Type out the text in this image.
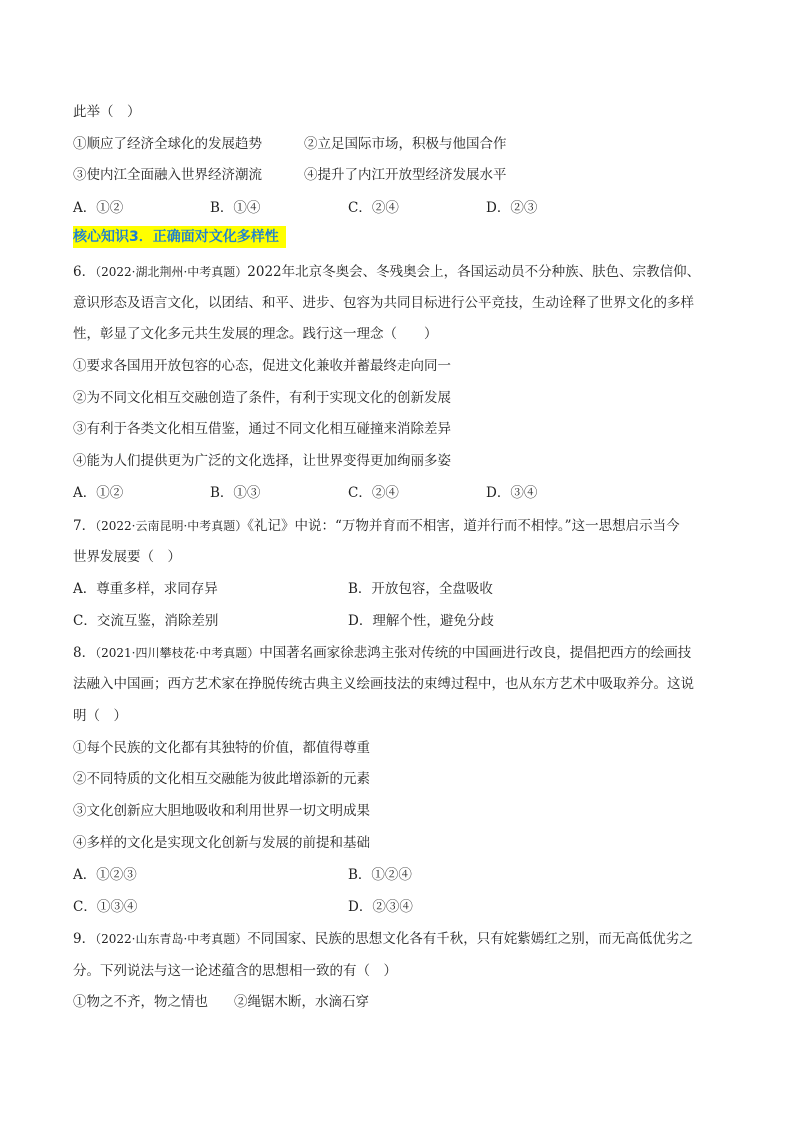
此举（　）
①顺应了经济全球化的发展趋势	②立足国际市场，积极与他国合作
③使内江全面融入世界经济潮流	④提升了内江开放型经济发展水平
A．①②	B．①④	C．②④	D．②③
核心知识3．正确面对文化多样性
6．（2022·湖北荆州·中考真题）2022年北京冬奥会、冬残奥会上，各国运动员不分种族、肤色、宗教信仰、
意识形态及语言文化，以团结、和平、进步、包容为共同目标进行公平竞技，生动诠释了世界文化的多样
性，彰显了文化多元共生发展的理念。践行这一理念（　　）
①要求各国用开放包容的心态，促进文化兼收并蓄最终走向同一
②为不同文化相互交融创造了条件，有利于实现文化的创新发展
③有利于各类文化相互借鉴，通过不同文化相互碰撞来消除差异
④能为人们提供更为广泛的文化选择，让世界变得更加绚丽多姿
A．①②	B．①③	C．②④	D．③④
7．（2022·云南昆明·中考真题）《礼记》中说：“万物并育而不相害，道并行而不相悖。”这一思想启示当今
世界发展要（　）
A．尊重多样，求同存异	B．开放包容，全盘吸收
C．交流互鉴，消除差别	D．理解个性，避免分歧
8．（2021·四川攀枝花·中考真题）中国著名画家徐悲鸿主张对传统的中国画进行改良，提倡把西方的绘画技
法融入中国画；西方艺术家在挣脱传统古典主义绘画技法的束缚过程中，也从东方艺术中吸取养分。这说
明（　）
①每个民族的文化都有其独特的价值，都值得尊重
②不同特质的文化相互交融能为彼此增添新的元素
③文化创新应大胆地吸收和利用世界一切文明成果
④多样的文化是实现文化创新与发展的前提和基础
A．①②③	B．①②④
C．①③④	D．②③④
9．（2022·山东青岛·中考真题）不同国家、民族的思想文化各有千秋，只有姹紫嫣红之别，而无高低优劣之
分。下列说法与这一论述蕴含的思想相一致的有（　）
①物之不齐，物之情也 ②绳锯木断，水滴石穿
